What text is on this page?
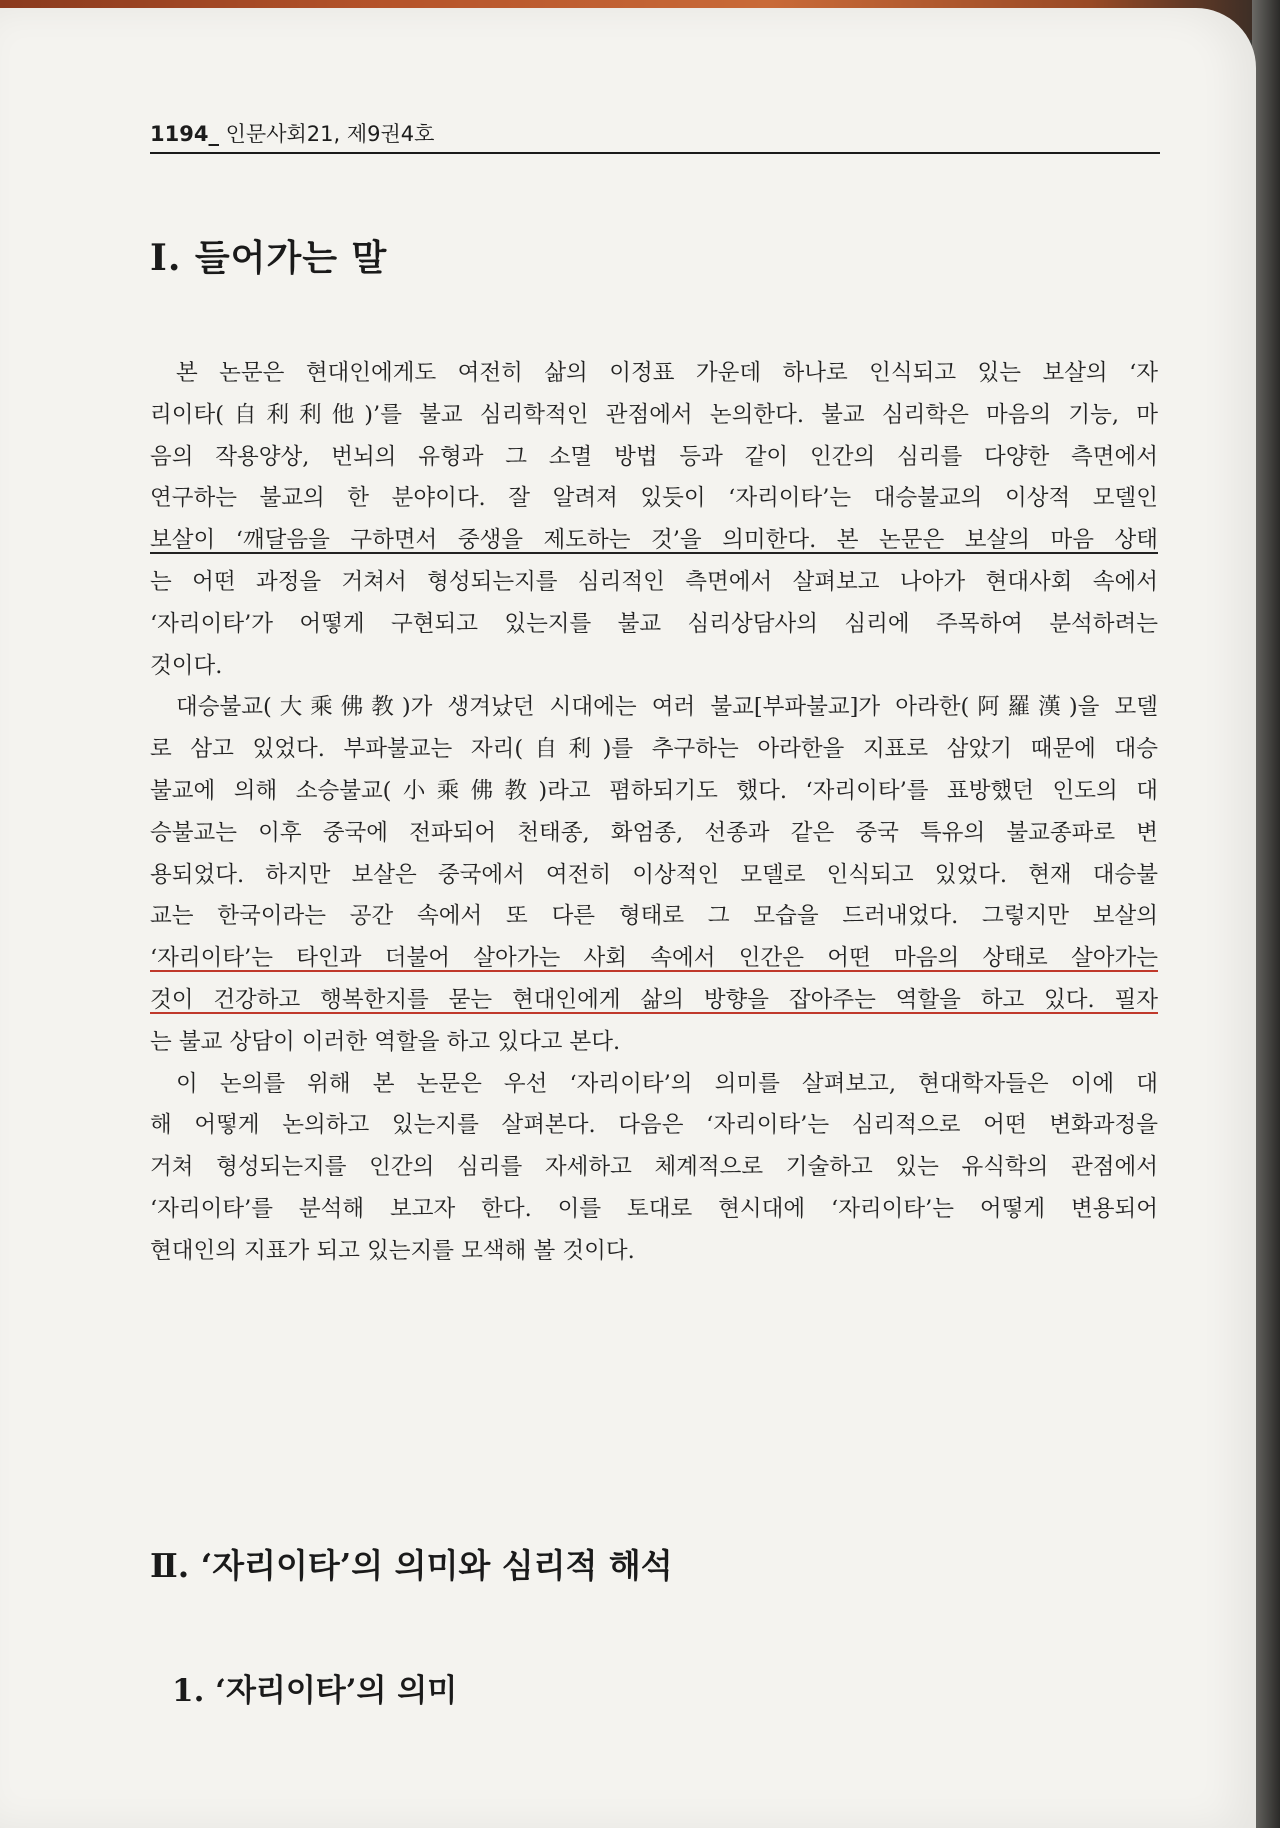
1194_ 인문사회21, 제9권4호
I. 들어가는 말
본 논문은 현대인에게도 여전히 삶의 이정표 가운데 하나로 인식되고 있는 보살의 ‘자
리이타(自利利他)’를 불교 심리학적인 관점에서 논의한다. 불교 심리학은 마음의 기능, 마
음의 작용양상, 번뇌의 유형과 그 소멸 방법 등과 같이 인간의 심리를 다양한 측면에서
연구하는 불교의 한 분야이다. 잘 알려져 있듯이 ‘자리이타’는 대승불교의 이상적 모델인
보살이 ‘깨달음을 구하면서 중생을 제도하는 것’을 의미한다. 본 논문은 보살의 마음 상태
는 어떤 과정을 거쳐서 형성되는지를 심리적인 측면에서 살펴보고 나아가 현대사회 속에서
‘자리이타’가 어떻게 구현되고 있는지를 불교 심리상담사의 심리에 주목하여 분석하려는
것이다.
대승불교(大乘佛教)가 생겨났던 시대에는 여러 불교[부파불교]가 아라한(阿羅漢)을 모델
로 삼고 있었다. 부파불교는 자리(自利)를 추구하는 아라한을 지표로 삼았기 때문에 대승
불교에 의해 소승불교(小乘佛教)라고 폄하되기도 했다. ‘자리이타’를 표방했던 인도의 대
승불교는 이후 중국에 전파되어 천태종, 화엄종, 선종과 같은 중국 특유의 불교종파로 변
용되었다. 하지만 보살은 중국에서 여전히 이상적인 모델로 인식되고 있었다. 현재 대승불
교는 한국이라는 공간 속에서 또 다른 형태로 그 모습을 드러내었다. 그렇지만 보살의
‘자리이타’는 타인과 더불어 살아가는 사회 속에서 인간은 어떤 마음의 상태로 살아가는
것이 건강하고 행복한지를 묻는 현대인에게 삶의 방향을 잡아주는 역할을 하고 있다. 필자
는 불교 상담이 이러한 역할을 하고 있다고 본다.
이 논의를 위해 본 논문은 우선 ‘자리이타’의 의미를 살펴보고, 현대학자들은 이에 대
해 어떻게 논의하고 있는지를 살펴본다. 다음은 ‘자리이타’는 심리적으로 어떤 변화과정을
거쳐 형성되는지를 인간의 심리를 자세하고 체계적으로 기술하고 있는 유식학의 관점에서
‘자리이타’를 분석해 보고자 한다. 이를 토대로 현시대에 ‘자리이타’는 어떻게 변용되어
현대인의 지표가 되고 있는지를 모색해 볼 것이다.
Ⅱ. ‘자리이타’의 의미와 심리적 해석
1. ‘자리이타’의 의미
